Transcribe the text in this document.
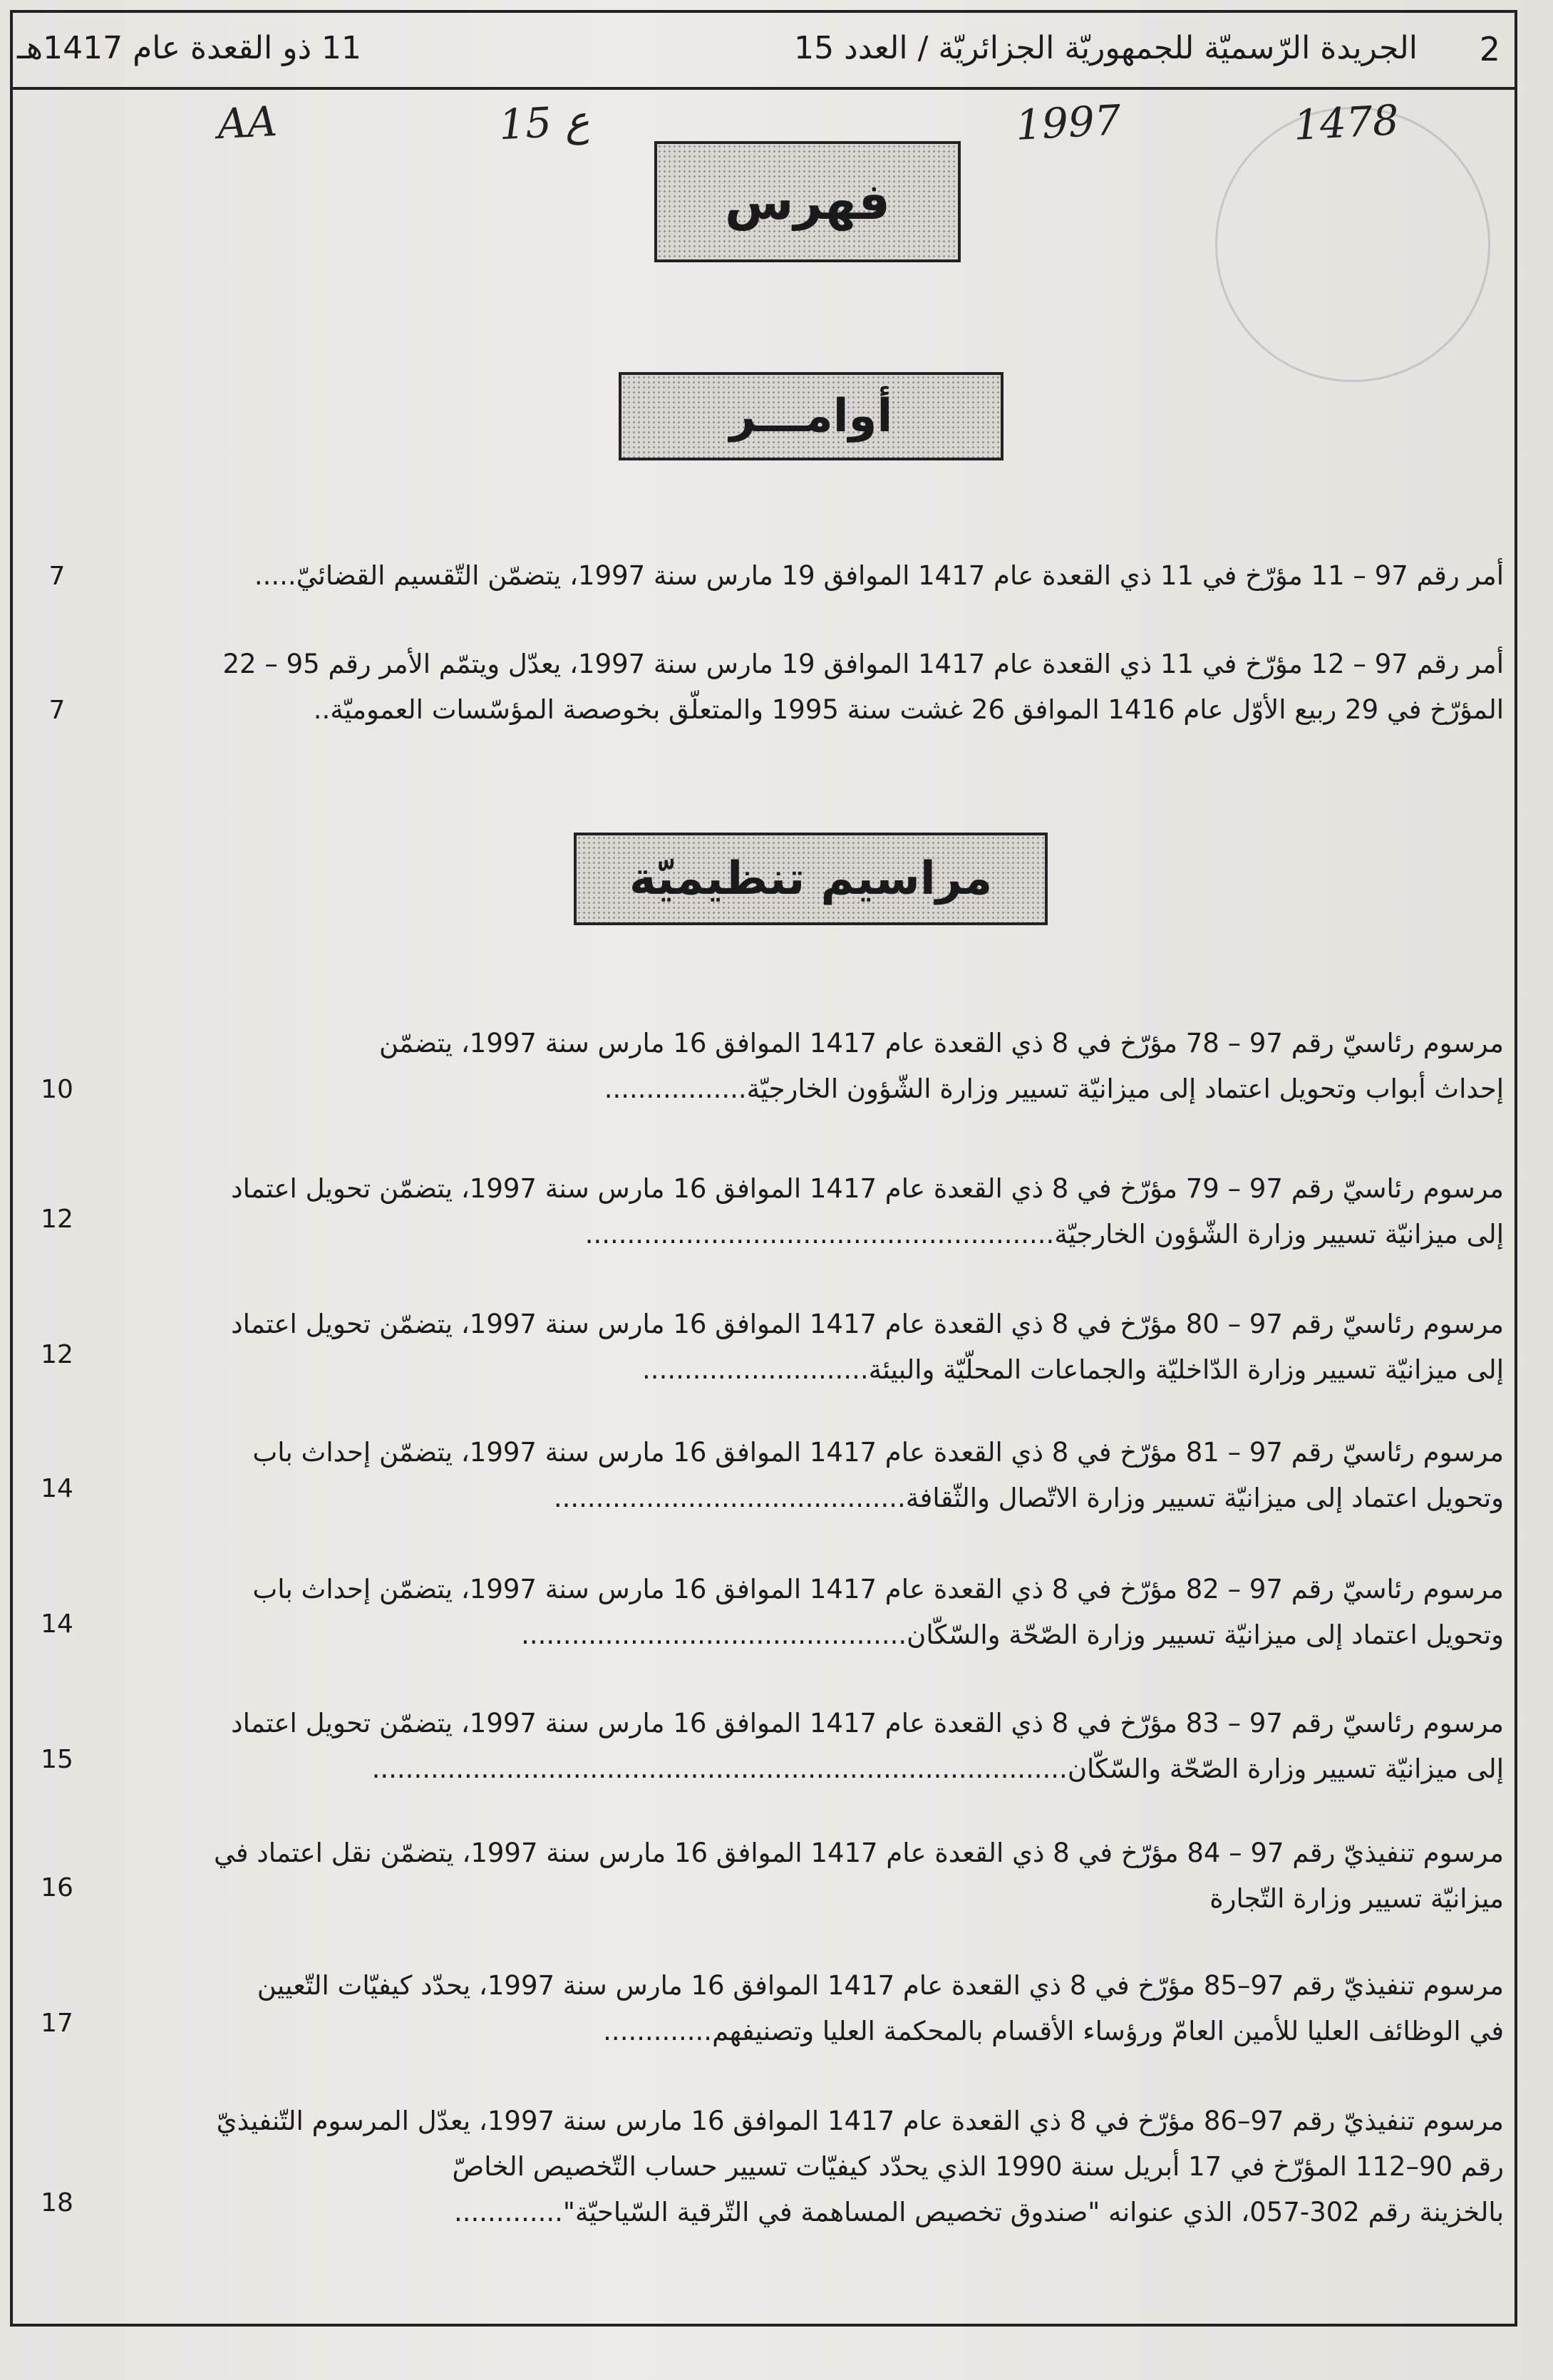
2
الجريدة الرّسميّة للجمهوريّة الجزائريّة / العدد 15
11 ذو القعدة عام 1417هـ
1478
1997
ع 15
AA
فهرس
أوامـــر
أمر رقم 97 – 11 مؤرّخ في 11 ذي القعدة عام 1417 الموافق 19 مارس سنة 1997، يتضمّن التّقسيم القضائيّ.....
7
أمر رقم 97 – 12 مؤرّخ في 11 ذي القعدة عام 1417 الموافق 19 مارس سنة 1997، يعدّل ويتمّم الأمر رقم 95 – 22
المؤرّخ في 29 ربيع الأوّل عام 1416 الموافق 26 غشت سنة 1995 والمتعلّق بخوصصة المؤسّسات العموميّة..
7
مراسيم تنظيميّة
مرسوم رئاسيّ رقم 97 – 78 مؤرّخ في 8 ذي القعدة عام 1417 الموافق 16 مارس سنة 1997، يتضمّن
إحداث أبواب وتحويل اعتماد إلى ميزانيّة تسيير وزارة الشّؤون الخارجيّة.................
10
مرسوم رئاسيّ رقم 97 – 79 مؤرّخ في 8 ذي القعدة عام 1417 الموافق 16 مارس سنة 1997، يتضمّن تحويل اعتماد
إلى ميزانيّة تسيير وزارة الشّؤون الخارجيّة........................................................
12
مرسوم رئاسيّ رقم 97 – 80 مؤرّخ في 8 ذي القعدة عام 1417 الموافق 16 مارس سنة 1997، يتضمّن تحويل اعتماد
إلى ميزانيّة تسيير وزارة الدّاخليّة والجماعات المحلّيّة والبيئة...........................
12
مرسوم رئاسيّ رقم 97 – 81 مؤرّخ في 8 ذي القعدة عام 1417 الموافق 16 مارس سنة 1997، يتضمّن إحداث باب
وتحويل اعتماد إلى ميزانيّة تسيير وزارة الاتّصال والثّقافة..........................................
14
مرسوم رئاسيّ رقم 97 – 82 مؤرّخ في 8 ذي القعدة عام 1417 الموافق 16 مارس سنة 1997، يتضمّن إحداث باب
وتحويل اعتماد إلى ميزانيّة تسيير وزارة الصّحّة والسّكّان..............................................
14
مرسوم رئاسيّ رقم 97 – 83 مؤرّخ في 8 ذي القعدة عام 1417 الموافق 16 مارس سنة 1997، يتضمّن تحويل اعتماد
إلى ميزانيّة تسيير وزارة الصّحّة والسّكّان...................................................................................
15
مرسوم تنفيذيّ رقم 97 – 84 مؤرّخ في 8 ذي القعدة عام 1417 الموافق 16 مارس سنة 1997، يتضمّن نقل اعتماد في
ميزانيّة تسيير وزارة التّجارة
16
مرسوم تنفيذيّ رقم 97–85 مؤرّخ في 8 ذي القعدة عام 1417 الموافق 16 مارس سنة 1997، يحدّد كيفيّات التّعيين
في الوظائف العليا للأمين العامّ ورؤساء الأقسام بالمحكمة العليا وتصنيفهم.............
17
مرسوم تنفيذيّ رقم 97–86 مؤرّخ في 8 ذي القعدة عام 1417 الموافق 16 مارس سنة 1997، يعدّل المرسوم التّنفيذيّ
رقم 90–112 المؤرّخ في 17 أبريل سنة 1990 الذي يحدّد كيفيّات تسيير حساب التّخصيص الخاصّ
بالخزينة رقم 302-057، الذي عنوانه "صندوق تخصيص المساهمة في التّرقية السّياحيّة".............
18
